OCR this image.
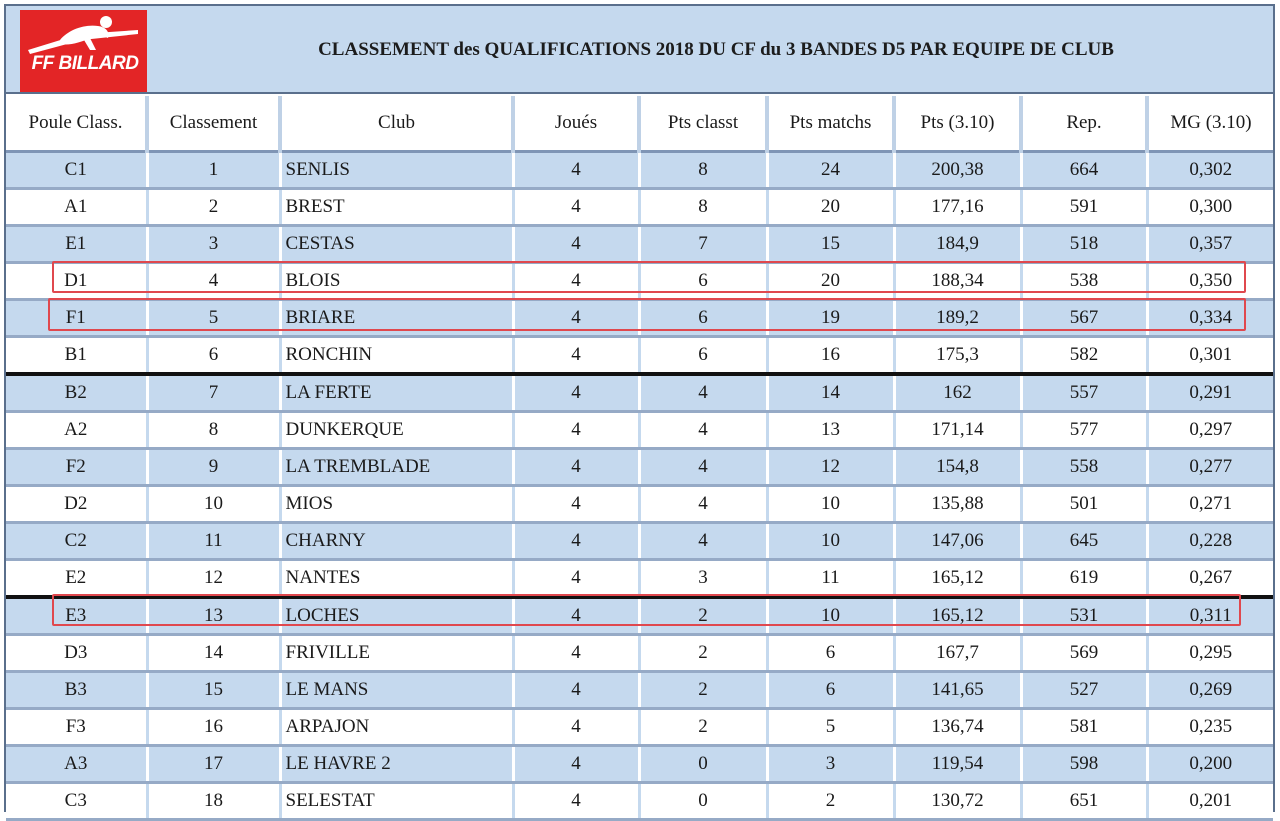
FF BILLARD
CLASSEMENT des QUALIFICATIONS 2018 DU CF du 3 BANDES D5 PAR EQUIPE DE CLUB
Poule Class.	Classement	Club	Joués	Pts classt	Pts matchs	Pts (3.10)	Rep.	MG (3.10)
C1	1	SENLIS	4	8	24	200,38	664	0,302
A1	2	BREST	4	8	20	177,16	591	0,300
E1	3	CESTAS	4	7	15	184,9	518	0,357
D1	4	BLOIS	4	6	20	188,34	538	0,350
F1	5	BRIARE	4	6	19	189,2	567	0,334
B1	6	RONCHIN	4	6	16	175,3	582	0,301
B2	7	LA FERTE	4	4	14	162	557	0,291
A2	8	DUNKERQUE	4	4	13	171,14	577	0,297
F2	9	LA TREMBLADE	4	4	12	154,8	558	0,277
D2	10	MIOS	4	4	10	135,88	501	0,271
C2	11	CHARNY	4	4	10	147,06	645	0,228
E2	12	NANTES	4	3	11	165,12	619	0,267
E3	13	LOCHES	4	2	10	165,12	531	0,311
D3	14	FRIVILLE	4	2	6	167,7	569	0,295
B3	15	LE MANS	4	2	6	141,65	527	0,269
F3	16	ARPAJON	4	2	5	136,74	581	0,235
A3	17	LE HAVRE 2	4	0	3	119,54	598	0,200
C3	18	SELESTAT	4	0	2	130,72	651	0,201
